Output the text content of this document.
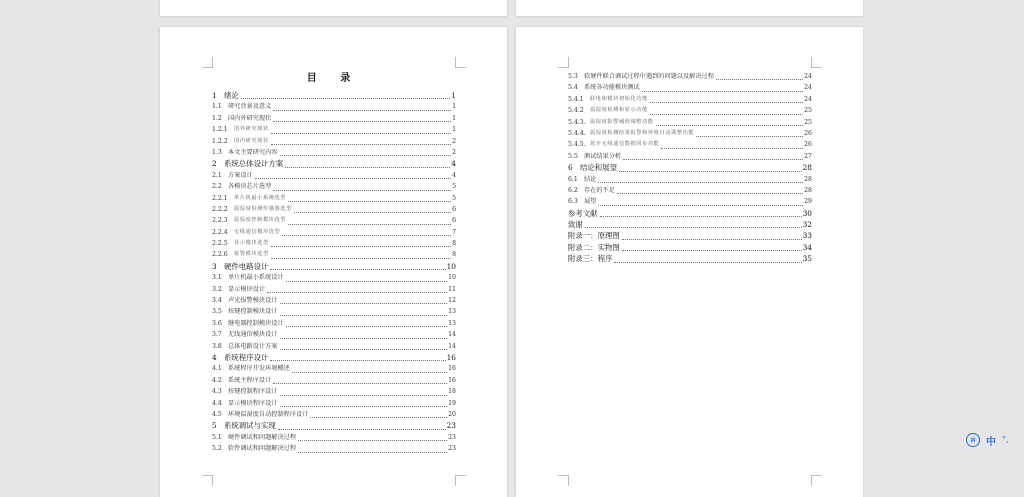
目 录
1 绪论	1
1.1 研究背景及意义	1
1.2 国内外研究现状	1
1.2.1	国外研究现状	1
1.2.2	国内研究现状	2
1.3 本文主要研究内容	2
2 系统总体设计方案	4
2.1 方案设计	4
2.2 各模块芯片选型	5
2.2.1	单片机最小系统选型	5
2.2.2	温湿度检测传感器选型	6
2.2.3	温湿度控制模块选型	6
2.2.4	无线通信模块选型	7
2.2.5	显示模块选型	8
2.2.6	报警模块选型	8
3 硬件电路设计	10
3.1 单片机最小系统设计	10
3.2 显示模块设计	11
3.4 声光报警模块设计	12
3.5 按键控制模块设计	13
3.6 继电器控制模块设计	13
3.7 无线通信模块设计	14
3.8 总体电路设计方案	14
4 系统程序设计	16
4.1 系统程序开发环境概述	16
4.2 系统主程序设计	16
4.3 按键控制程序设计	18
4.4 显示模块程序设计	19
4.5 环境温湿度自动控制程序设计	20
5 系统调试与实现	23
5.1 硬件调试和问题解决过程	23
5.2 软件调试和问题解决过程	23
5.3 软硬件联合调试过程中遇到的问题以及解决过程	24
5.4 系统各功能模块测试	24
5.4.1	联电和模块初始化功能	24
5.4.2	温湿度检测和显示功能	25
5.4.3. 温湿度报警阈值调整功能	25
5.4.4. 温湿度检测结果报警和环境自动调整功能	26
5.4.5. 蓝牙无线通信数据同步功能	26
5.5 测试结果分析	27
6 结论和展望	28
6.1 结论	28
6.2 存在的不足	28
6.3 展望	29
参考文献	30
致谢	32
附录一：原理图	33
附录二：实物图	34
附录三：程序	35
拼	中 °,
